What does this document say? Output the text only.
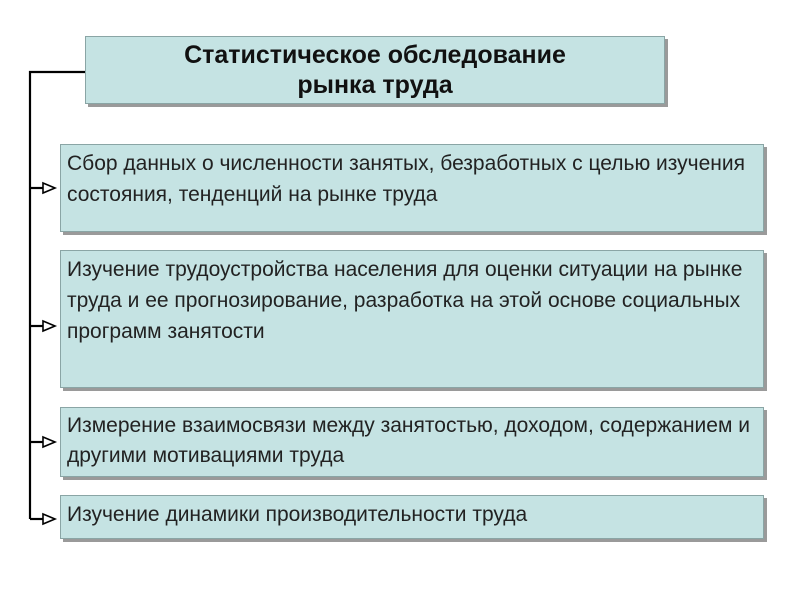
Статистическое обследование
рынка труда
Сбор данных о численности занятых, безработных с целью изучения состояния, тенденций на рынке труда
Изучение трудоустройства населения для оценки ситуации на рынке труда и ее прогнозирование, разработка на этой основе социальных программ занятости
Измерение взаимосвязи между занятостью, доходом, содержанием и другими мотивациями труда
Изучение динамики производительности труда
